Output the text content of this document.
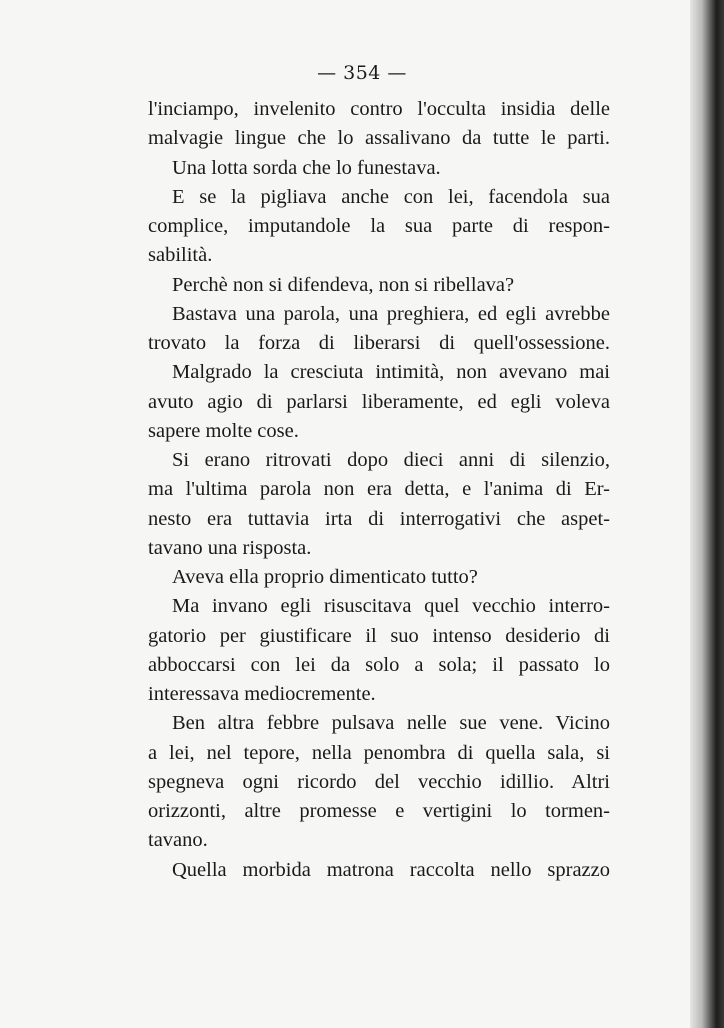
— 354 —
l'inciampo, invelenito contro l'occulta insidia delle
malvagie lingue che lo assalivano da tutte le parti.
Una lotta sorda che lo funestava.
E se la pigliava anche con lei, facendola sua
complice, imputandole la sua parte di respon-
sabilità.
Perchè non si difendeva, non si ribellava?
Bastava una parola, una preghiera, ed egli avrebbe
trovato la forza di liberarsi di quell'ossessione.
Malgrado la cresciuta intimità, non avevano mai
avuto agio di parlarsi liberamente, ed egli voleva
sapere molte cose.
Si erano ritrovati dopo dieci anni di silenzio,
ma l'ultima parola non era detta, e l'anima di Er-
nesto era tuttavia irta di interrogativi che aspet-
tavano una risposta.
Aveva ella proprio dimenticato tutto?
Ma invano egli risuscitava quel vecchio interro-
gatorio per giustificare il suo intenso desiderio di
abboccarsi con lei da solo a sola; il passato lo
interessava mediocremente.
Ben altra febbre pulsava nelle sue vene. Vicino
a lei, nel tepore, nella penombra di quella sala, si
spegneva ogni ricordo del vecchio idillio. Altri
orizzonti, altre promesse e vertigini lo tormen-
tavano.
Quella morbida matrona raccolta nello sprazzo
